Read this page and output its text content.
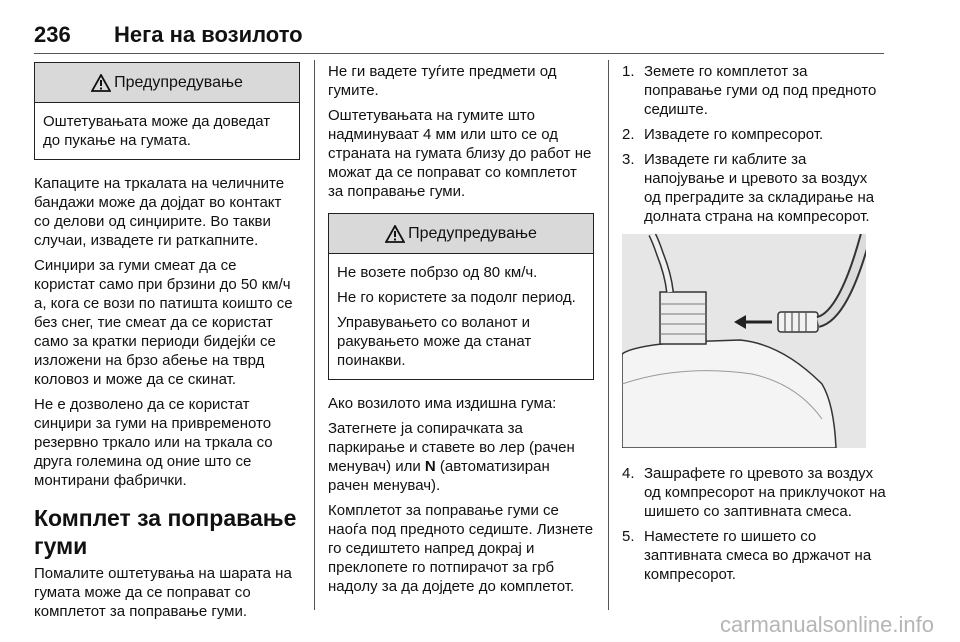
236 Нега на возилото
Предупредување

Оштетувањата може да доведат до пукање на гумата.

Капаците на тркалата на челичните бандажи може да дојдат во контакт со делови од синџирите. Во такви случаи, извадете ги раткапните.

Синџири за гуми смеат да се користат само при брзини до 50 км/ч a, кога се вози по патишта коишто се без снег, тие смеат да се користат само за кратки периоди бидејќи се изложени на брзо абење на тврд коловоз и може да се скинат.

Не е дозволено да се користат синџири за гуми на привременото резервно тркало или на тркала со друга големина од оние што се монтирани фабрички.

Комплет за поправање гуми

Помалите оштетувања на шарата на гумата може да се поправат со комплетот за поправање гуми.

Не ги вадете туѓите предмети од гумите.

Оштетувањата на гумите што надминуваат 4 мм или што се од страната на гумата близу до работ не можат да се поправат со комплетот за поправање гуми.

Предупредување

Не возете побрзо од 80 км/ч.

Не го користете за подолг период.

Управувањето со воланот и ракувањето може да станат поинакви.

Ако возилото има издишна гума:

Затегнете ја сопирачката за паркирање и ставете во лер (рачен менувач) или N (автоматизиран рачен менувач).

Комплетот за поправање гуми се наоѓа под предното седиште. Лизнете го седиштето напред докрај и преклопете го потпирачот за грб надолу за да дојдете до комплетот.

1. Земете го комплетот за поправање гуми од под предното седиште.
2. Извадете го компресорот.
3. Извадете ги каблите за напојување и цревото за воздух од преградите за складирање на долната страна на компресорот.
4. Зашрафете го цревото за воздух од компресорот на приклучокот на шишето со заптивната смеса.
5. Наместете го шишето со заптивната смеса во држачот на компресорот.
carmanualsonline.info
